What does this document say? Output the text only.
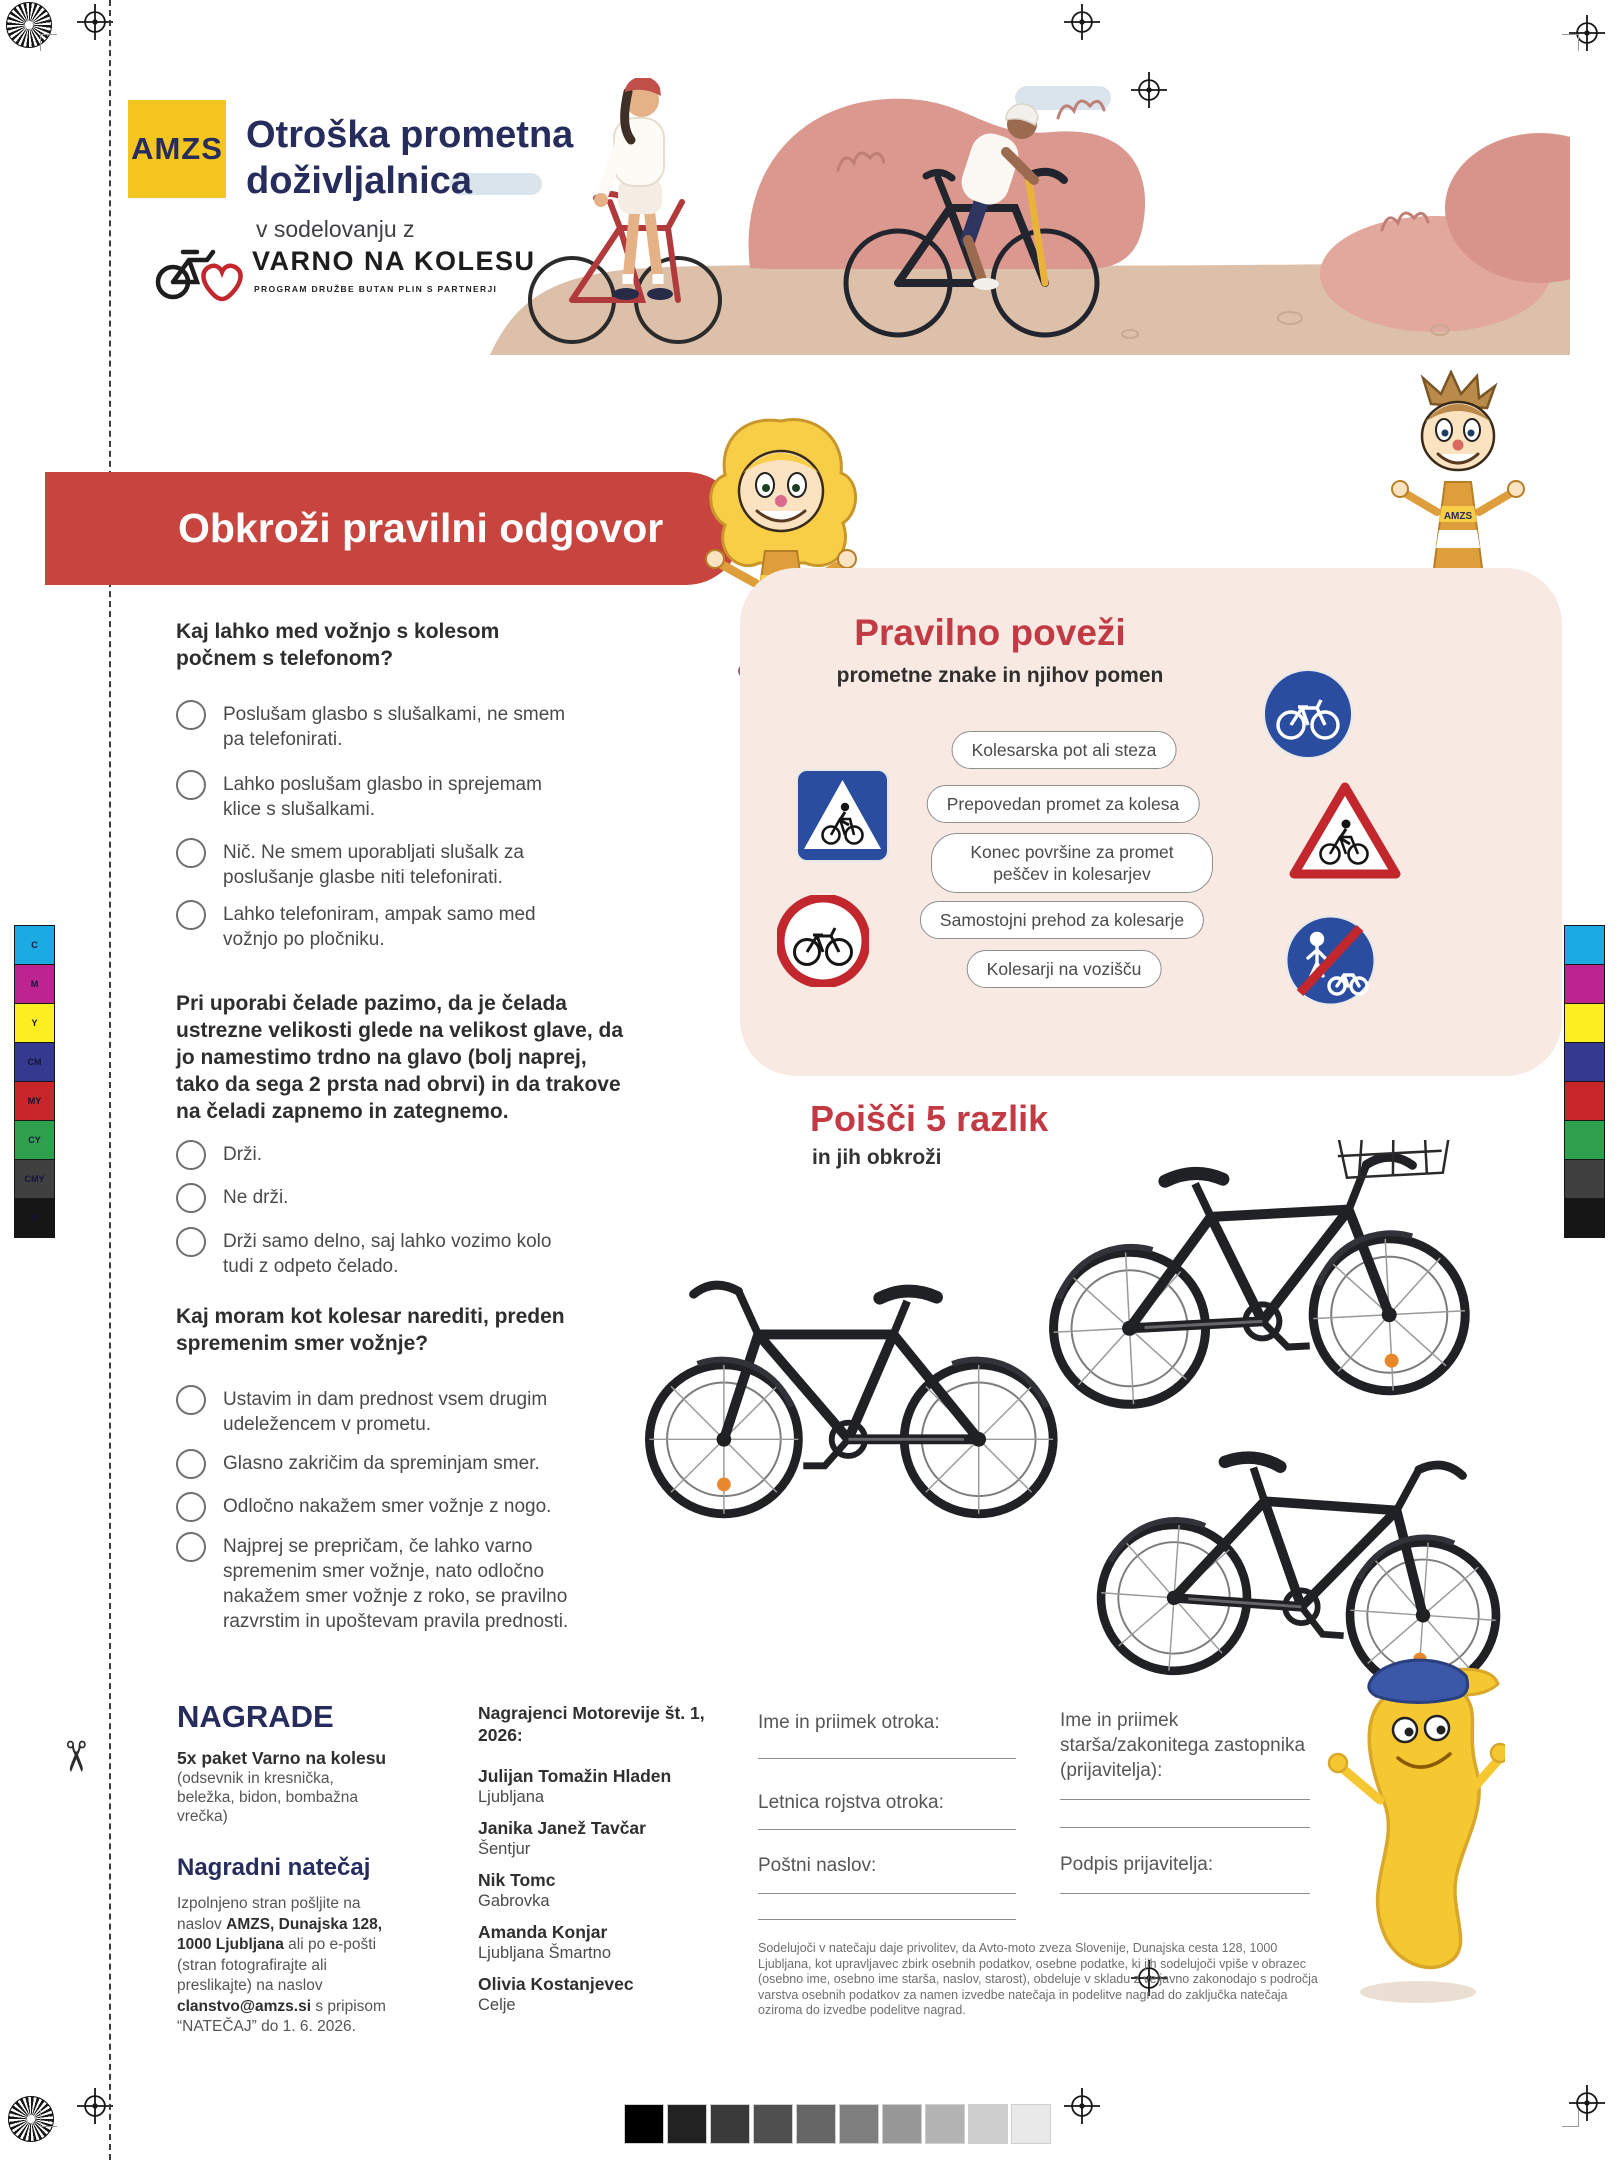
✂
C
M
Y
CM
MY
CY
CMY
K
AMZS Otroška prometna
doživljalnica
v sodelovanju z
VARNO NA KOLESU
PROGRAM DRUŽBE BUTAN PLIN S PARTNERJI
Obkroži pravilni odgovor	AMZS
Kaj lahko med vožnjo s kolesom počnem s telefonom?
Poslušam glasbo s slušalkami, ne smem pa telefonirati.
Lahko poslušam glasbo in sprejemam klice s slušalkami.
Nič. Ne smem uporabljati slušalk za poslušanje glasbe niti telefonirati.
Lahko telefoniram, ampak samo med vožnjo po pločniku.
Pri uporabi čelade pazimo, da je čelada ustrezne velikosti glede na velikost glave, da jo namestimo trdno na glavo (bolj naprej, tako da sega 2 prsta nad obrvi) in da trakove na čeladi zapnemo in zategnemo.
Drži.
Ne drži.
Drži samo delno, saj lahko vozimo kolo tudi z odpeto čelado.
Kaj moram kot kolesar narediti, preden spremenim smer vožnje?
Ustavim in dam prednost vsem drugim udeležencem v prometu.
Glasno zakričim da spreminjam smer.
Odločno nakažem smer vožnje z nogo.
Najprej se prepričam, če lahko varno spremenim smer vožnje, nato odločno nakažem smer vožnje z roko, se pravilno razvrstim in upoštevam pravila prednosti.
Pravilno poveži
prometne znake in njihov pomen
Kolesarska pot ali steza
Prepovedan promet za kolesa
Konec površine za promet peščev in kolesarjev
Samostojni prehod za kolesarje
Kolesarji na vozišču
Poišči 5 razlik
in jih obkroži
NAGRADE

5x paket Varno na kolesu

(odsevnik in kresnička, beležka, bidon, bombažna vrečka)

Nagradni natečaj

Izpolnjeno stran pošljite na naslov AMZS, Dunajska 128, 1000 Ljubljana ali po e-pošti (stran fotografirajte ali preslikajte) na naslov clanstvo@amzs.si s pripisom “NATEČAJ” do 1. 6. 2026.

Nagrajenci Motorevije št. 1, 2026:

Julijan Tomažin Hladen

Ljubljana

Janika Janež Tavčar

Šentjur

Nik Tomc

Gabrovka

Amanda Konjar

Ljubljana Šmartno

Olivia Kostanjevec

Celje

Ime in priimek otroka:
Letnica rojstva otroka:
Poštni naslov:
Ime in priimek starša/zakonitega zastopnika (prijavitelja):
Podpis prijavitelja:
Sodelujoči v natečaju daje privolitev, da Avto-moto zveza Slovenije, Dunajska cesta 128, 1000 Ljubljana, kot upravljavec zbirk osebnih podatkov, osebne podatke, ki jih sodelujoči vpiše v obrazec (osebno ime, osebno ime starša, naslov, starost), obdeluje v skladu z veljavno zakonodajo s področja varstva osebnih podatkov za namen izvedbe natečaja in podelitve nagrad do zaključka natečaja oziroma do izvedbe podelitve nagrad.
